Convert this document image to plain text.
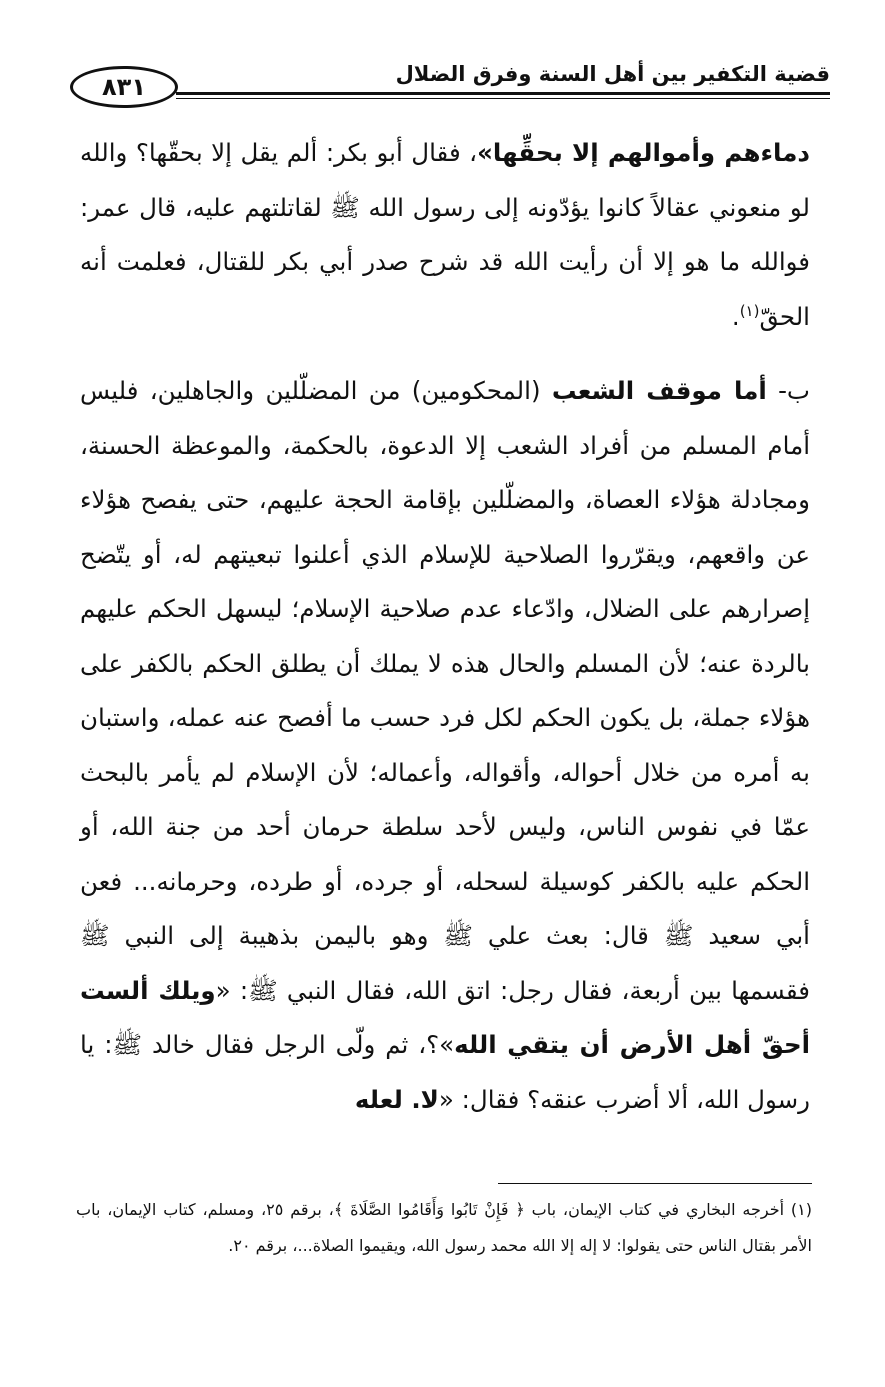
٨٣١	قضية التكفير بين أهل السنة وفرق الضلال

دماءهم وأموالهم إلا بحقِّها»، فقال أبو بكر: ألم يقل إلا بحقّها؟ والله لو منعوني عقالاً كانوا يؤدّونه إلى رسول الله ﷺ لقاتلتهم عليه، قال عمر: فوالله ما هو إلا أن رأيت الله قد شرح صدر أبي بكر للقتال، فعلمت أنه الحقّ$^{(١)}$.

ب- أما موقف الشعب (المحكومين) من المضلّلين والجاهلين، فليس أمام المسلم من أفراد الشعب إلا الدعوة، بالحكمة، والموعظة الحسنة، ومجادلة هؤلاء العصاة، والمضلّلين بإقامة الحجة عليهم، حتى يفصح هؤلاء عن واقعهم، ويقرّروا الصلاحية للإسلام الذي أعلنوا تبعيتهم له، أو يتّضح إصرارهم على الضلال، وادّعاء عدم صلاحية الإسلام؛ ليسهل الحكم عليهم بالردة عنه؛ لأن المسلم والحال هذه لا يملك أن يطلق الحكم بالكفر على هؤلاء جملة، بل يكون الحكم لكل فرد حسب ما أفصح عنه عمله، واستبان به أمره من خلال أحواله، وأقواله، وأعماله؛ لأن الإسلام لم يأمر بالبحث عمّا في نفوس الناس، وليس لأحد سلطة حرمان أحد من جنة الله، أو الحكم عليه بالكفر كوسيلة لسحله، أو جرده، أو طرده، وحرمانه... فعن أبي سعيد ﷺ قال: بعث علي ﷺ وهو باليمن بذهيبة إلى النبي ﷺ فقسمها بين أربعة، فقال رجل: اتق الله، فقال النبي ﷺ: «ويلك ألست أحقّ أهل الأرض أن يتقي الله»؟، ثم ولّى الرجل فقال خالد ﷺ: يا رسول الله، ألا أضرب عنقه؟ فقال: «لا. لعله

(١) أخرجه البخاري في كتاب الإيمان، باب ﴿ فَإِنْ تَابُوا وَأَقَامُوا الصَّلَاةَ ﴾، برقم ٢٥، ومسلم، كتاب الإيمان، باب الأمر بقتال الناس حتى يقولوا: لا إله إلا الله محمد رسول الله، ويقيموا الصلاة...، برقم ٢٠.
